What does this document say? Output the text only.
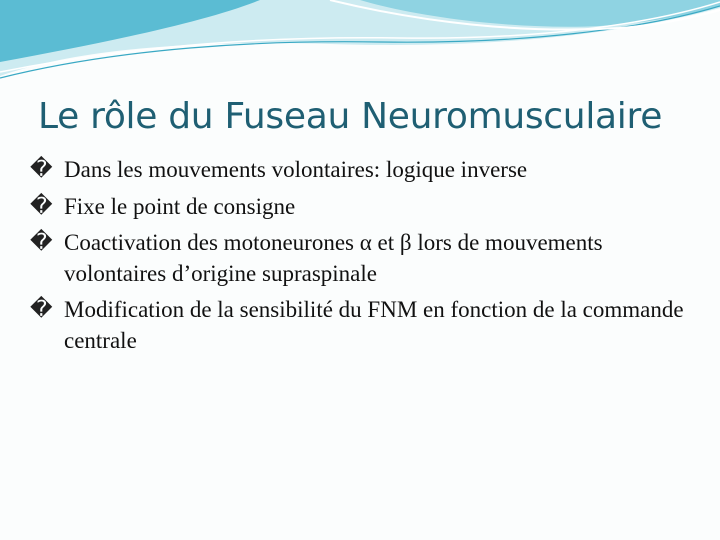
Le rôle du Fuseau Neuromusculaire
� Dans les mouvements volontaires: logique inverse
� Fixe le point de consigne
� Coactivation des motoneurones α et β lors de mouvements volontaires d’origine supraspinale
� Modification de la sensibilité du FNM en fonction de la commande centrale
